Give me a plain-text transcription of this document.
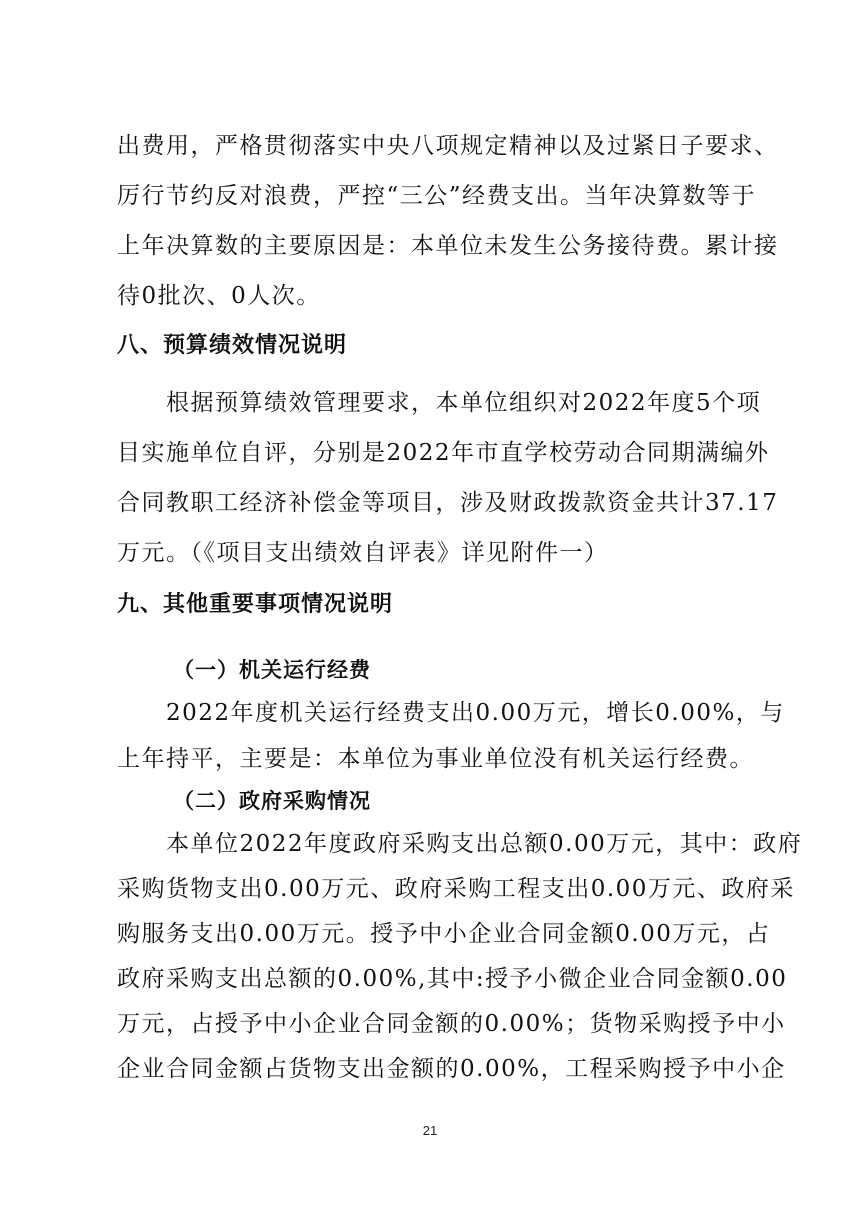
出费用，严格贯彻落实中央八项规定精神以及过紧日子要求、
厉行节约反对浪费，严控“三公”经费支出。当年决算数等于
上年决算数的主要原因是：本单位未发生公务接待费。累计接
待0批次、0人次。
八、预算绩效情况说明
根据预算绩效管理要求，本单位组织对2022年度5个项
目实施单位自评，分别是2022年市直学校劳动合同期满编外
合同教职工经济补偿金等项目，涉及财政拨款资金共计37.17
万元。（《项目支出绩效自评表》详见附件一）
九、其他重要事项情况说明
（一）机关运行经费
2022年度机关运行经费支出0.00万元，增长0.00%，与
上年持平，主要是：本单位为事业单位没有机关运行经费。
（二）政府采购情况
本单位2022年度政府采购支出总额0.00万元，其中：政府
采购货物支出0.00万元、政府采购工程支出0.00万元、政府采
购服务支出0.00万元。授予中小企业合同金额0.00万元，占
政府采购支出总额的0.00%,其中:授予小微企业合同金额0.00
万元，占授予中小企业合同金额的0.00%；货物采购授予中小
企业合同金额占货物支出金额的0.00%，工程采购授予中小企
21
